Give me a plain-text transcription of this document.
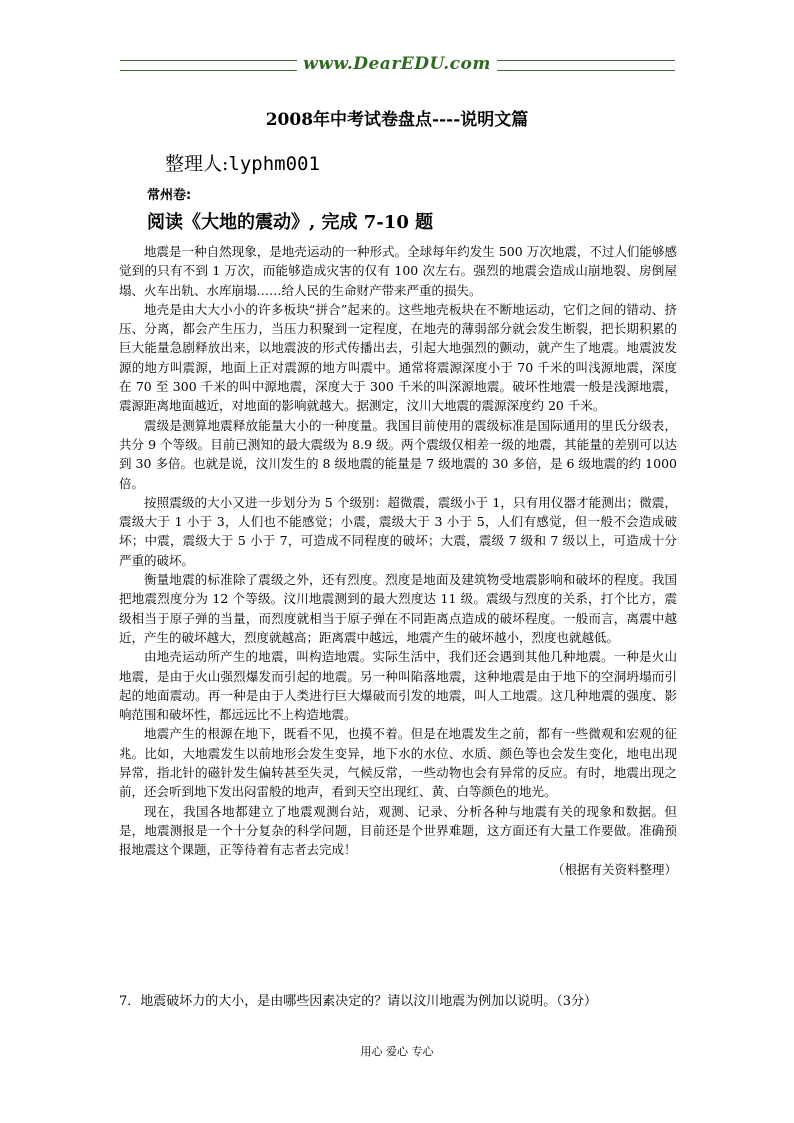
www.DearEDU.com
2008年中考试卷盘点----说明文篇
整理人:lyphm001
常州卷:
阅读《大地的震动》, 完成 7-10 题

地震是一种自然现象，是地壳运动的一种形式。全球每年约发生 500 万次地震，不过人们能够感觉到的只有不到 1 万次，而能够造成灾害的仅有 100 次左右。强烈的地震会造成山崩地裂、房倒屋塌、火车出轨、水库崩塌……给人民的生命财产带来严重的损失。

地壳是由大大小小的许多板块“拼合”起来的。这些地壳板块在不断地运动，它们之间的错动、挤压、分离，都会产生压力，当压力积聚到一定程度，在地壳的薄弱部分就会发生断裂，把长期积累的巨大能量急剧释放出来，以地震波的形式传播出去，引起大地强烈的颤动，就产生了地震。地震波发源的地方叫震源，地面上正对震源的地方叫震中。通常将震源深度小于 70 千米的叫浅源地震，深度在 70 至 300 千米的叫中源地震，深度大于 300 千米的叫深源地震。破坏性地震一般是浅源地震，震源距离地面越近，对地面的影响就越大。据测定，汶川大地震的震源深度约 20 千米。

震级是测算地震释放能量大小的一种度量。我国目前使用的震级标准是国际通用的里氏分级表，共分 9 个等级。目前已测知的最大震级为 8.9 级。两个震级仅相差一级的地震，其能量的差别可以达到 30 多倍。也就是说，汶川发生的 8 级地震的能量是 7 级地震的 30 多倍，是 6 级地震的约 1000 倍。

按照震级的大小又进一步划分为 5 个级别：超微震，震级小于 1，只有用仪器才能测出；微震，震级大于 1 小于 3，人们也不能感觉；小震，震级大于 3 小于 5，人们有感觉，但一般不会造成破坏；中震，震级大于 5 小于 7，可造成不同程度的破坏；大震，震级 7 级和 7 级以上，可造成十分严重的破坏。

衡量地震的标准除了震级之外，还有烈度。烈度是地面及建筑物受地震影响和破坏的程度。我国把地震烈度分为 12 个等级。汶川地震测到的最大烈度达 11 级。震级与烈度的关系，打个比方，震级相当于原子弹的当量，而烈度就相当于原子弹在不同距离点造成的破坏程度。一般而言，离震中越近，产生的破坏越大，烈度就越高；距离震中越远，地震产生的破坏越小，烈度也就越低。

由地壳运动所产生的地震，叫构造地震。实际生活中，我们还会遇到其他几种地震。一种是火山地震，是由于火山强烈爆发而引起的地震。另一种叫陷落地震，这种地震是由于地下的空洞坍塌而引起的地面震动。再一种是由于人类进行巨大爆破而引发的地震，叫人工地震。这几种地震的强度、影响范围和破坏性，都远远比不上构造地震。

地震产生的根源在地下，既看不见，也摸不着。但是在地震发生之前，都有一些微观和宏观的征兆。比如，大地震发生以前地形会发生变异，地下水的水位、水质、颜色等也会发生变化，地电出现异常，指北针的磁针发生偏转甚至失灵，气候反常，一些动物也会有异常的反应。有时，地震出现之前，还会听到地下发出闷雷般的地声，看到天空出现红、黄、白等颜色的地光。

现在，我国各地都建立了地震观测台站，观测、记录、分析各种与地震有关的现象和数据。但是，地震测报是一个十分复杂的科学问题，目前还是个世界难题，这方面还有大量工作要做。准确预报地震这个课题，正等待着有志者去完成！

（根据有关资料整理）

7．地震破坏力的大小，是由哪些因素决定的？请以汶川地震为例加以说明。（3分）
用心 爱心 专心
